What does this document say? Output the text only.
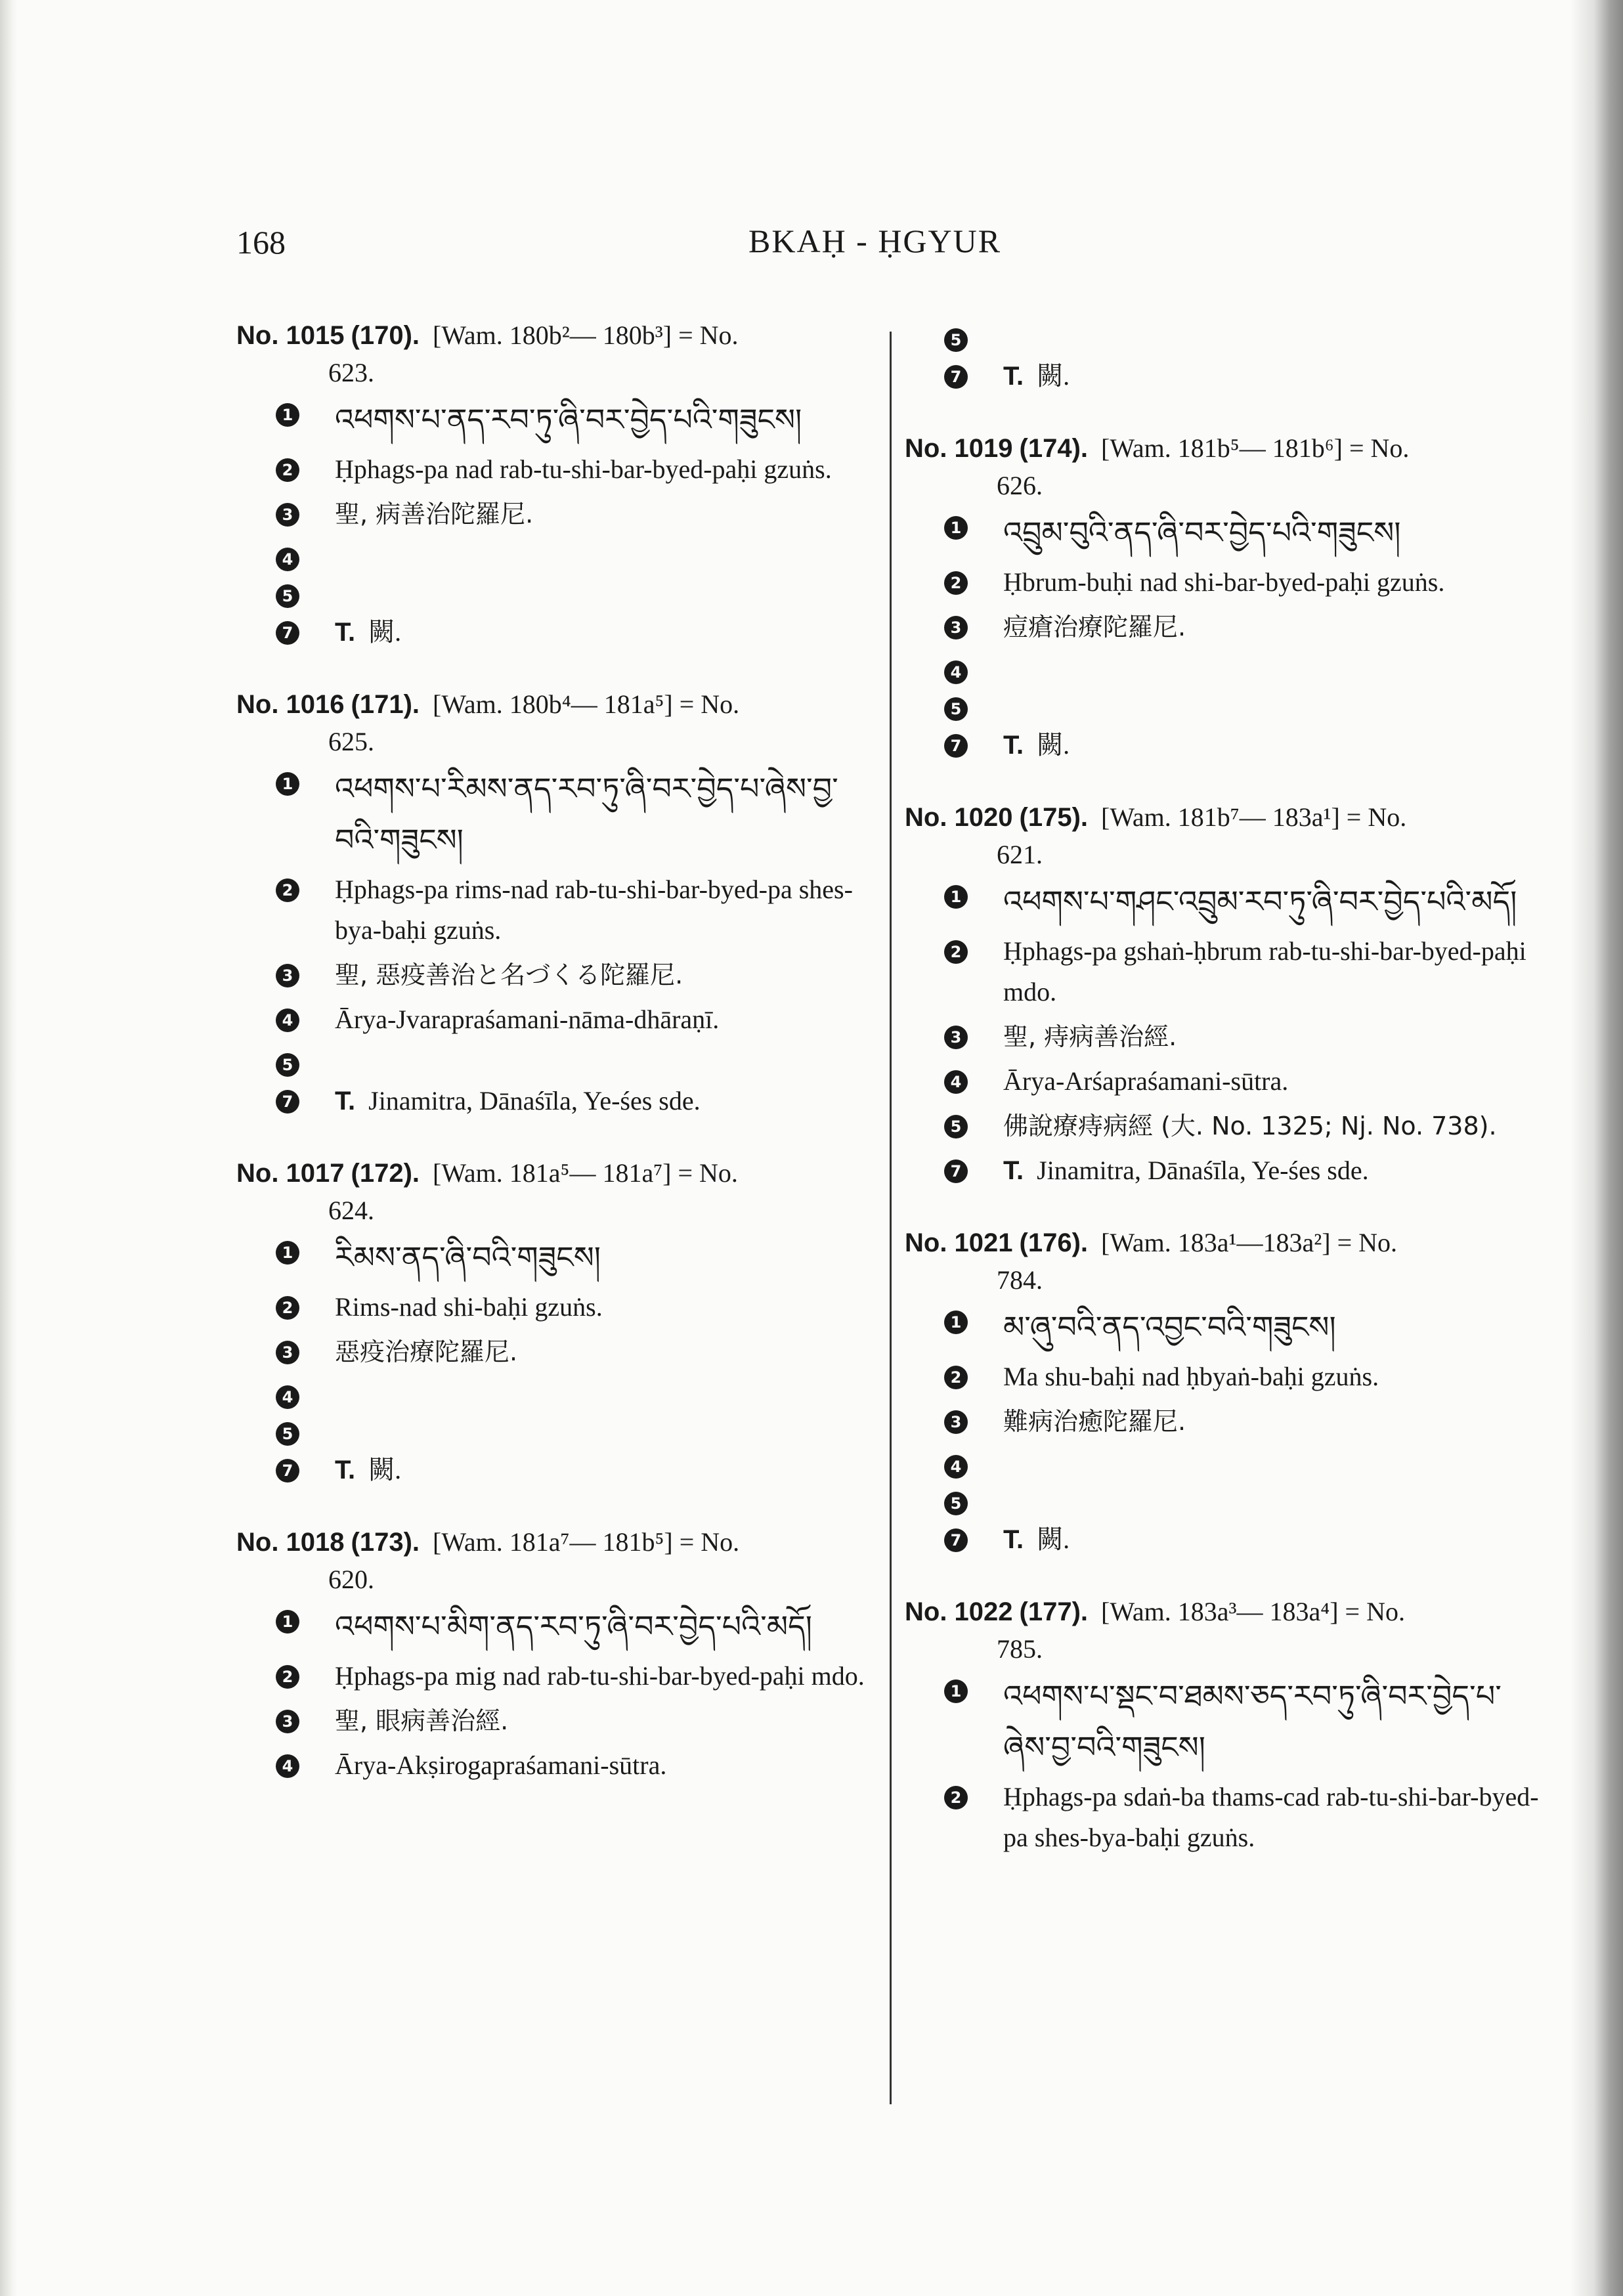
168	BKAḤ - ḤGYUR
No. 1015 (170). [Wam. 180b²— 180b³] = No.
623.
1 འཕགས་པ་ནད་རབ་ཏུ་ཞི་བར་བྱེད་པའི་གཟུངས།
2 Ḥphags-pa nad rab-tu-shi-bar-byed-paḥi gzuṅs.
3 聖, 病善治陀羅尼.
4
5
7 T. 闕.
No. 1016 (171). [Wam. 180b⁴— 181a⁵] = No.
625.
1 འཕགས་པ་རིམས་ནད་རབ་ཏུ་ཞི་བར་བྱེད་པ་ཞེས་བྱ་བའི་གཟུངས།
2 Ḥphags-pa rims-nad rab-tu-shi-bar-byed-pa shes-bya-baḥi gzuṅs.
3 聖, 惡疫善治と名づくる陀羅尼.
4 Ārya-Jvarapraśamani-nāma-dhāraṇī.
5
7 T. Jinamitra, Dānaśīla, Ye-śes sde.
No. 1017 (172). [Wam. 181a⁵— 181a⁷] = No.
624.
1 རིམས་ནད་ཞི་བའི་གཟུངས།
2 Rims-nad shi-baḥi gzuṅs.
3 惡疫治療陀羅尼.
4
5
7 T. 闕.
No. 1018 (173). [Wam. 181a⁷— 181b⁵] = No.
620.
1 འཕགས་པ་མིག་ནད་རབ་ཏུ་ཞི་བར་བྱེད་པའི་མདོ།
2 Ḥphags-pa mig nad rab-tu-shi-bar-byed-paḥi mdo.
3 聖, 眼病善治經.
4 Ārya-Akṣirogapraśamani-sūtra.
5
7 T. 闕.
No. 1019 (174). [Wam. 181b⁵— 181b⁶] = No.
626.
1 འབྲུམ་བུའི་ནད་ཞི་བར་བྱེད་པའི་གཟུངས།
2 Ḥbrum-buḥi nad shi-bar-byed-paḥi gzuṅs.
3 痘瘡治療陀羅尼.
4
5
7 T. 闕.
No. 1020 (175). [Wam. 181b⁷— 183a¹] = No.
621.
1 འཕགས་པ་གཤང་འབྲུམ་རབ་ཏུ་ཞི་བར་བྱེད་པའི་མདོ།
2 Ḥphags-pa gshaṅ-ḥbrum rab-tu-shi-bar-byed-paḥi mdo.
3 聖, 痔病善治經.
4 Ārya-Arśapraśamani-sūtra.
5 佛說療痔病經 (大. No. 1325; Nj. No. 738).
7 T. Jinamitra, Dānaśīla, Ye-śes sde.
No. 1021 (176). [Wam. 183a¹—183a²] = No.
784.
1 མ་ཞུ་བའི་ནད་འབྱང་བའི་གཟུངས།
2 Ma shu-baḥi nad ḥbyaṅ-baḥi gzuṅs.
3 難病治癒陀羅尼.
4
5
7 T. 闕.
No. 1022 (177). [Wam. 183a³— 183a⁴] = No.
785.
1 འཕགས་པ་སྡང་བ་ཐམས་ཅད་རབ་ཏུ་ཞི་བར་བྱེད་པ་ཞེས་བྱ་བའི་གཟུངས།
2 Ḥphags-pa sdaṅ-ba thams-cad rab-tu-shi-bar-byed-pa shes-bya-baḥi gzuṅs.
